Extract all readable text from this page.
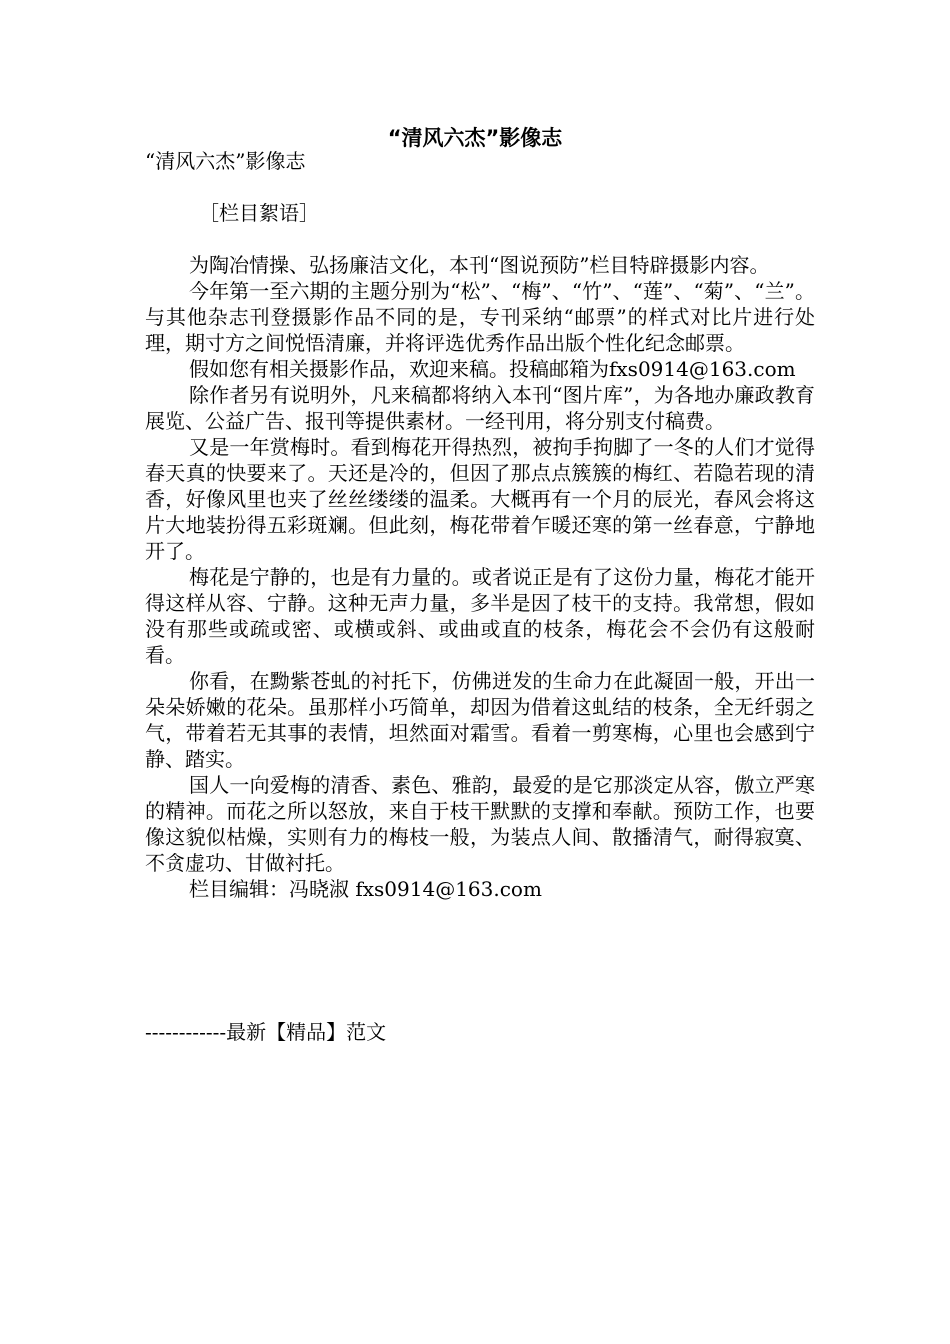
“清风六杰”影像志

“清风六杰”影像志

［栏目絮语］

为陶冶情操、弘扬廉洁文化，本刊“图说预防”栏目特辟摄影内容。

今年第一至六期的主题分别为“松”、“梅”、“竹”、“莲”、“菊”、“兰”。与其他杂志刊登摄影作品不同的是，专刊采纳“邮票”的样式对比片进行处理，期寸方之间悦悟清廉，并将评选优秀作品出版个性化纪念邮票。

假如您有相关摄影作品，欢迎来稿。投稿邮箱为fxs0914@163.com

除作者另有说明外，凡来稿都将纳入本刊“图片库”，为各地办廉政教育展览、公益广告、报刊等提供素材。一经刊用，将分别支付稿费。

又是一年赏梅时。看到梅花开得热烈，被拘手拘脚了一冬的人们才觉得春天真的快要来了。天还是冷的，但因了那点点簇簇的梅红、若隐若现的清香，好像风里也夹了丝丝缕缕的温柔。大概再有一个月的辰光，春风会将这片大地装扮得五彩斑斓。但此刻，梅花带着乍暖还寒的第一丝春意，宁静地开了。

梅花是宁静的，也是有力量的。或者说正是有了这份力量，梅花才能开得这样从容、宁静。这种无声力量，多半是因了枝干的支持。我常想，假如没有那些或疏或密、或横或斜、或曲或直的枝条，梅花会不会仍有这般耐看。

你看，在黝紫苍虬的衬托下，仿佛迸发的生命力在此凝固一般，开出一朵朵娇嫩的花朵。虽那样小巧简单，却因为借着这虬结的枝条，全无纤弱之气，带着若无其事的表情，坦然面对霜雪。看着一剪寒梅，心里也会感到宁静、踏实。

国人一向爱梅的清香、素色、雅韵，最爱的是它那淡定从容，傲立严寒的精神。而花之所以怒放，来自于枝干默默的支撑和奉献。预防工作，也要像这貌似枯燥，实则有力的梅枝一般，为装点人间、散播清气，耐得寂寞、不贪虚功、甘做衬托。

栏目编辑：冯晓淑 fxs0914@163.com

------------最新【精品】范文
